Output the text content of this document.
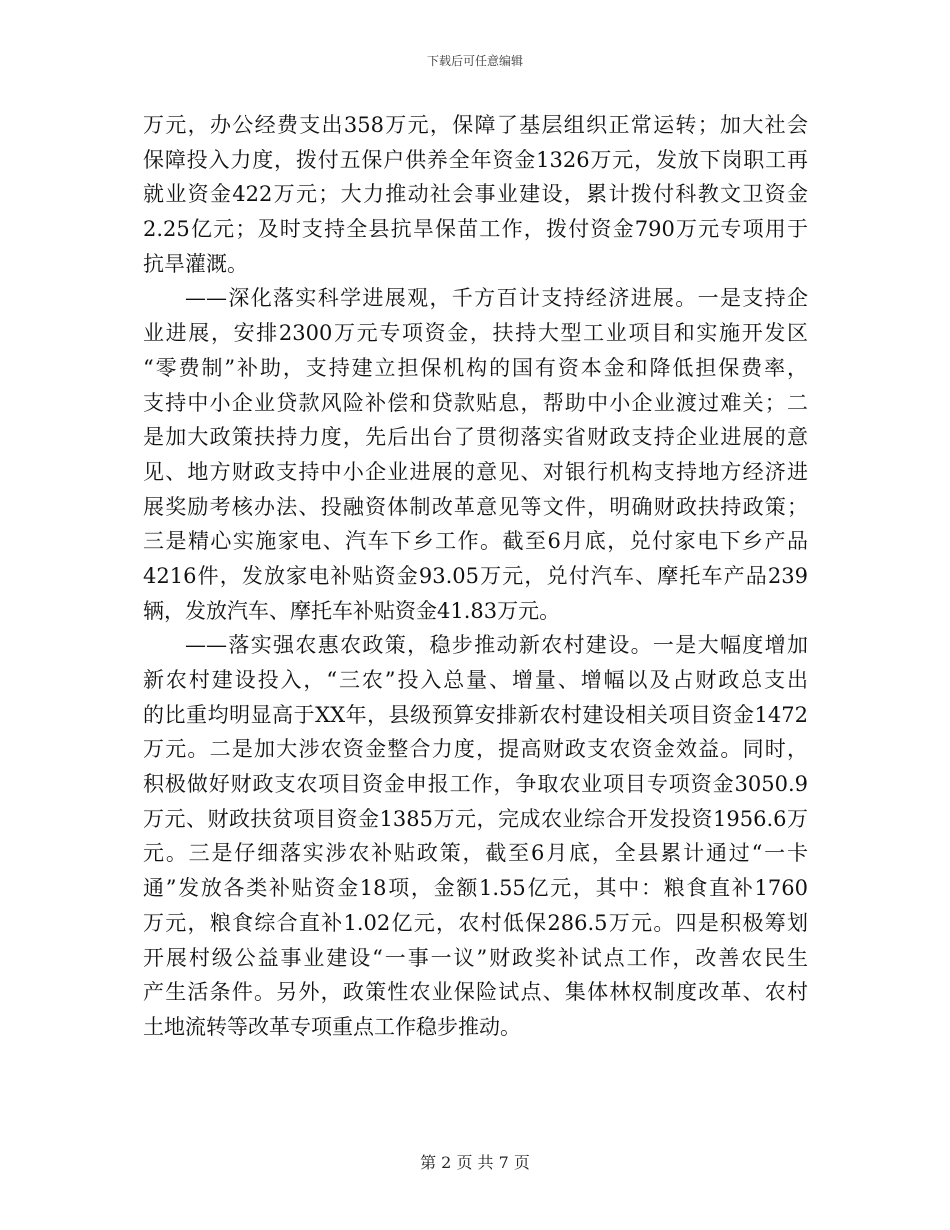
下载后可任意编辑
万元，办公经费支出358万元，保障了基层组织正常运转；加大社会
保障投入力度，拨付五保户供养全年资金1326万元，发放下岗职工再
就业资金422万元；大力推动社会事业建设，累计拨付科教文卫资金
2.25亿元；及时支持全县抗旱保苗工作，拨付资金790万元专项用于
抗旱灌溉。
——深化落实科学进展观，千方百计支持经济进展。一是支持企
业进展，安排2300万元专项资金，扶持大型工业项目和实施开发区
“零费制”补助，支持建立担保机构的国有资本金和降低担保费率，
支持中小企业贷款风险补偿和贷款贴息，帮助中小企业渡过难关；二
是加大政策扶持力度，先后出台了贯彻落实省财政支持企业进展的意
见、地方财政支持中小企业进展的意见、对银行机构支持地方经济进
展奖励考核办法、投融资体制改革意见等文件，明确财政扶持政策；
三是精心实施家电、汽车下乡工作。截至6月底，兑付家电下乡产品
4216件，发放家电补贴资金93.05万元，兑付汽车、摩托车产品239
辆，发放汽车、摩托车补贴资金41.83万元。
——落实强农惠农政策，稳步推动新农村建设。一是大幅度增加
新农村建设投入，“三农”投入总量、增量、增幅以及占财政总支出
的比重均明显高于XX年，县级预算安排新农村建设相关项目资金1472
万元。二是加大涉农资金整合力度，提高财政支农资金效益。同时，
积极做好财政支农项目资金申报工作，争取农业项目专项资金3050.9
万元、财政扶贫项目资金1385万元，完成农业综合开发投资1956.6万
元。三是仔细落实涉农补贴政策，截至6月底，全县累计通过“一卡
通”发放各类补贴资金18项，金额1.55亿元，其中：粮食直补1760
万元，粮食综合直补1.02亿元，农村低保286.5万元。四是积极筹划
开展村级公益事业建设“一事一议”财政奖补试点工作，改善农民生
产生活条件。另外，政策性农业保险试点、集体林权制度改革、农村
土地流转等改革专项重点工作稳步推动。
第 2 页 共 7 页
